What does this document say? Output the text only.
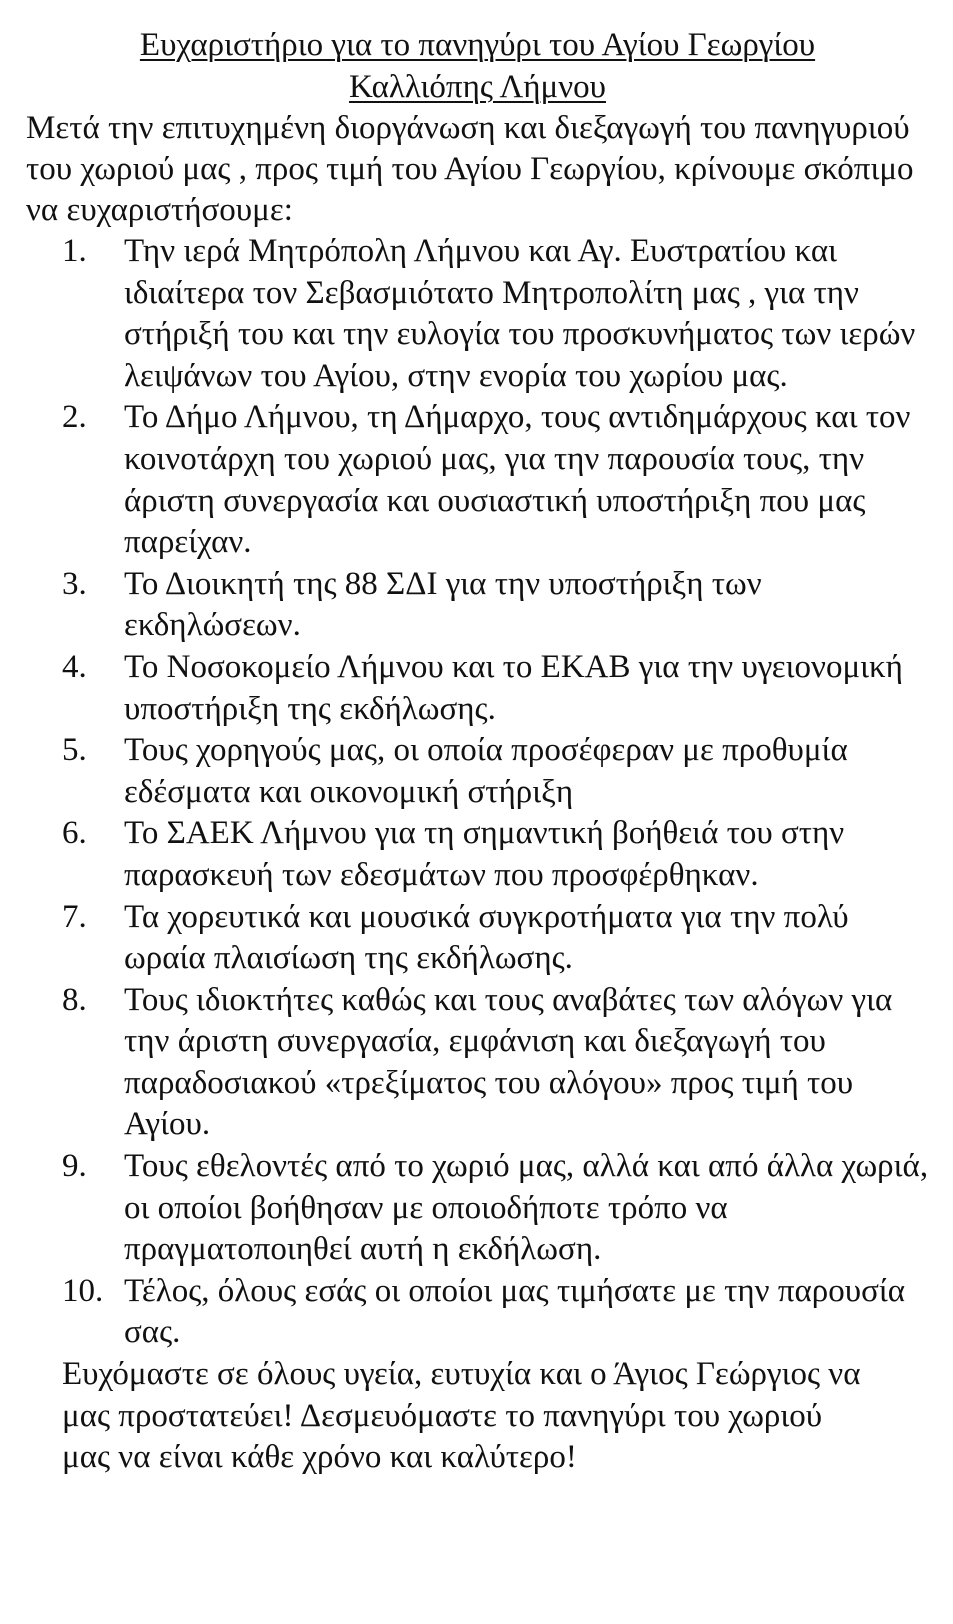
Ευχαριστήριο για το πανηγύρι του Αγίου Γεωργίου
Καλλιόπης Λήμνου

Μετά την επιτυχημένη διοργάνωση και διεξαγωγή του πανηγυριού του χωριού μας , προς τιμή του Αγίου Γεωργίου, κρίνουμε σκόπιμο να ευχαριστήσουμε:

1. Την ιερά Μητρόπολη Λήμνου και Αγ. Ευστρατίου και ιδιαίτερα τον Σεβασμιότατο Μητροπολίτη μας , για την στήριξή του και την ευλογία του προσκυνήματος των ιερών λειψάνων του Αγίου, στην ενορία του χωρίου μας.
2. Το Δήμο Λήμνου, τη Δήμαρχο, τους αντιδημάρχους και τον κοινοτάρχη του χωριού μας, για την παρουσία τους, την άριστη συνεργασία και ουσιαστική υποστήριξη που μας παρείχαν.
3. Το Διοικητή της 88 ΣΔΙ για την υποστήριξη των εκδηλώσεων.
4. Το Νοσοκομείο Λήμνου και το ΕΚΑΒ για την υγειονομική υποστήριξη της εκδήλωσης.
5. Τους χορηγούς μας, οι οποία προσέφεραν με προθυμία εδέσματα και οικονομική στήριξη
6. Το ΣΑΕΚ Λήμνου για τη σημαντική βοήθειά του στην παρασκευή των εδεσμάτων που προσφέρθηκαν.
7. Τα χορευτικά και μουσικά συγκροτήματα για την πολύ ωραία πλαισίωση της εκδήλωσης.
8. Τους ιδιοκτήτες καθώς και τους αναβάτες των αλόγων για την άριστη συνεργασία, εμφάνιση και διεξαγωγή του παραδοσιακού «τρεξίματος του αλόγου» προς τιμή του Αγίου.
9. Τους εθελοντές από το χωριό μας, αλλά και από άλλα χωριά, οι οποίοι βοήθησαν με οποιοδήποτε τρόπο να πραγματοποιηθεί αυτή η εκδήλωση.
10. Τέλος, όλους εσάς οι οποίοι μας τιμήσατε με την παρουσία σας.

Ευχόμαστε σε όλους υγεία, ευτυχία και ο Άγιος Γεώργιος να μας προστατεύει! Δεσμευόμαστε το πανηγύρι του χωριού μας να είναι κάθε χρόνο και καλύτερο!
